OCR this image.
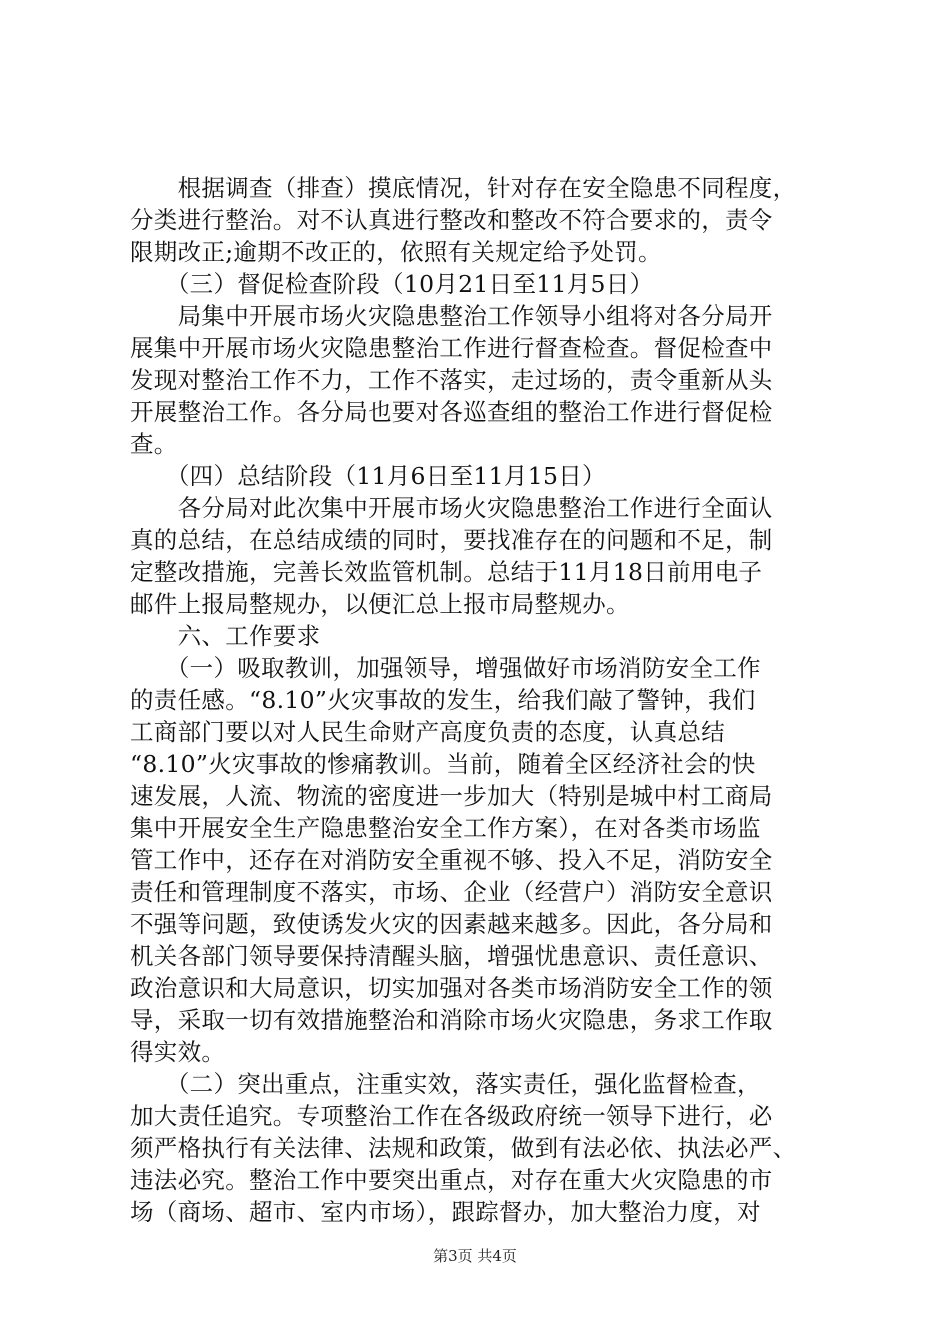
　　根据调查（排查）摸底情况，针对存在安全隐患不同程度，
分类进行整治。对不认真进行整改和整改不符合要求的，责令
限期改正;逾期不改正的，依照有关规定给予处罚。
　　（三）督促检查阶段（10月21日至11月5日）
　　局集中开展市场火灾隐患整治工作领导小组将对各分局开
展集中开展市场火灾隐患整治工作进行督查检查。督促检查中
发现对整治工作不力，工作不落实，走过场的，责令重新从头
开展整治工作。各分局也要对各巡查组的整治工作进行督促检
查。
　　（四）总结阶段（11月6日至11月15日）
　　各分局对此次集中开展市场火灾隐患整治工作进行全面认
真的总结，在总结成绩的同时，要找准存在的问题和不足，制
定整改措施，完善长效监管机制。总结于11月18日前用电子
邮件上报局整规办，以便汇总上报市局整规办。
　　六、工作要求
　　（一）吸取教训，加强领导，增强做好市场消防安全工作
的责任感。“8.10”火灾事故的发生，给我们敲了警钟，我们
工商部门要以对人民生命财产高度负责的态度，认真总结
“8.10”火灾事故的惨痛教训。当前，随着全区经济社会的快
速发展，人流、物流的密度进一步加大（特别是城中村工商局
集中开展安全生产隐患整治安全工作方案），在对各类市场监
管工作中，还存在对消防安全重视不够、投入不足，消防安全
责任和管理制度不落实，市场、企业（经营户）消防安全意识
不强等问题，致使诱发火灾的因素越来越多。因此，各分局和
机关各部门领导要保持清醒头脑，增强忧患意识、责任意识、
政治意识和大局意识，切实加强对各类市场消防安全工作的领
导，采取一切有效措施整治和消除市场火灾隐患，务求工作取
得实效。
　　（二）突出重点，注重实效，落实责任，强化监督检查，
加大责任追究。专项整治工作在各级政府统一领导下进行，必
须严格执行有关法律、法规和政策，做到有法必依、执法必严、
违法必究。整治工作中要突出重点，对存在重大火灾隐患的市
场（商场、超市、室内市场），跟踪督办，加大整治力度，对
第3页 共4页
